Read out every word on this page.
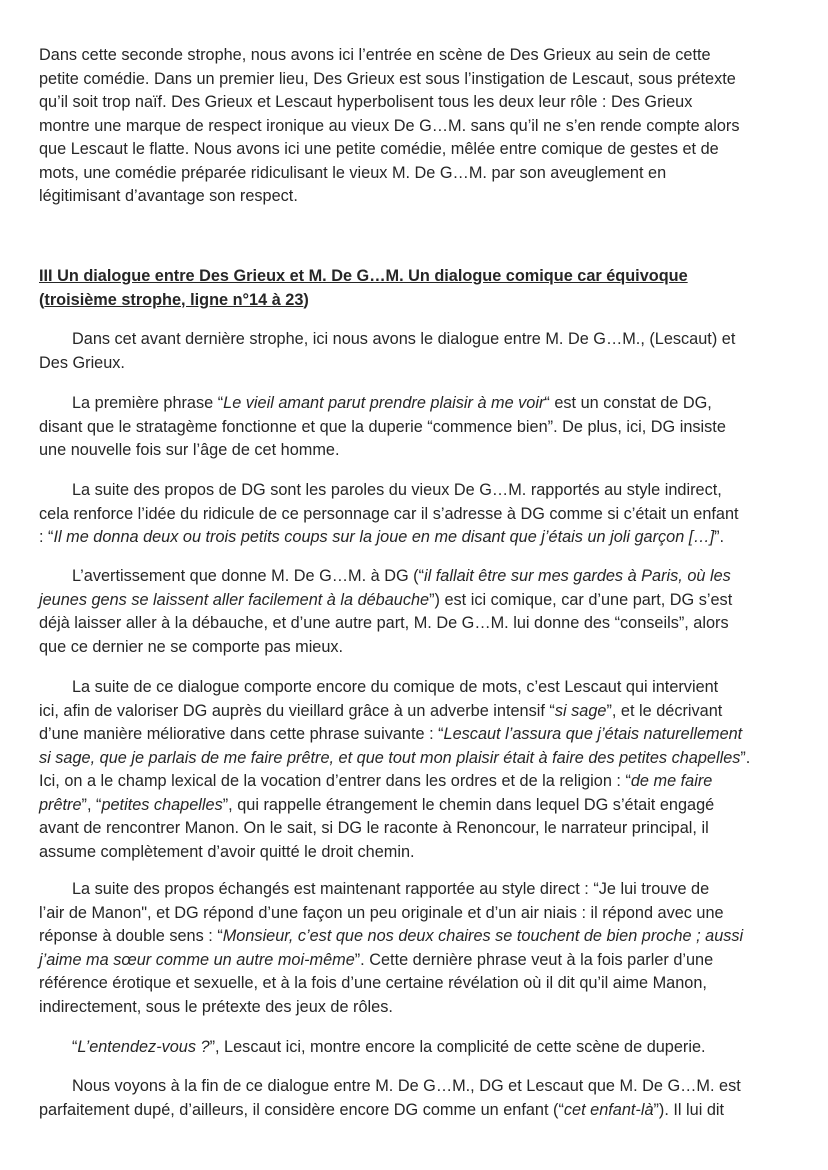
Dans cette seconde strophe, nous avons ici l’entrée en scène de Des Grieux au sein de cette
petite comédie. Dans un premier lieu, Des Grieux est sous l’instigation de Lescaut, sous prétexte
qu’il soit trop naïf. Des Grieux et Lescaut hyperbolisent tous les deux leur rôle : Des Grieux
montre une marque de respect ironique au vieux De G…M. sans qu’il ne s’en rende compte alors
que Lescaut le flatte. Nous avons ici une petite comédie, mêlée entre comique de gestes et de
mots, une comédie préparée ridiculisant le vieux M. De G…M. par son aveuglement en
légitimisant d’avantage son respect.
III Un dialogue entre Des Grieux et M. De G…M. Un dialogue comique car équivoque
(troisième strophe, ligne n°14 à 23)
Dans cet avant dernière strophe, ici nous avons le dialogue entre M. De G…M., (Lescaut) et
Des Grieux.
La première phrase “Le vieil amant parut prendre plaisir à me voir“ est un constat de DG,
disant que le stratagème fonctionne et que la duperie “commence bien”. De plus, ici, DG insiste
une nouvelle fois sur l’âge de cet homme.
La suite des propos de DG sont les paroles du vieux De G…M. rapportés au style indirect,
cela renforce l’idée du ridicule de ce personnage car il s’adresse à DG comme si c’était un enfant
: “Il me donna deux ou trois petits coups sur la joue en me disant que j’étais un joli garçon […]”.
L’avertissement que donne M. De G…M. à DG (“il fallait être sur mes gardes à Paris, où les
jeunes gens se laissent aller facilement à la débauche”) est ici comique, car d’une part, DG s’est
déjà laisser aller à la débauche, et d’une autre part, M. De G…M. lui donne des “conseils”, alors
que ce dernier ne se comporte pas mieux.
La suite de ce dialogue comporte encore du comique de mots, c’est Lescaut qui intervient
ici, afin de valoriser DG auprès du vieillard grâce à un adverbe intensif “si sage”, et le décrivant
d’une manière méliorative dans cette phrase suivante : “Lescaut l’assura que j’étais naturellement
si sage, que je parlais de me faire prêtre, et que tout mon plaisir était à faire des petites chapelles”.
Ici, on a le champ lexical de la vocation d’entrer dans les ordres et de la religion : “de me faire
prêtre”, “petites chapelles”, qui rappelle étrangement le chemin dans lequel DG s’était engagé
avant de rencontrer Manon. On le sait, si DG le raconte à Renoncour, le narrateur principal, il
assume complètement d’avoir quitté le droit chemin.
La suite des propos échangés est maintenant rapportée au style direct : “Je lui trouve de
l’air de Manon", et DG répond d’une façon un peu originale et d’un air niais : il répond avec une
réponse à double sens : “Monsieur, c’est que nos deux chaires se touchent de bien proche ; aussi
j’aime ma sœur comme un autre moi-même”. Cette dernière phrase veut à la fois parler d’une
référence érotique et sexuelle, et à la fois d’une certaine révélation où il dit qu’il aime Manon,
indirectement, sous le prétexte des jeux de rôles.
“L’entendez-vous ?”, Lescaut ici, montre encore la complicité de cette scène de duperie.
Nous voyons à la fin de ce dialogue entre M. De G…M., DG et Lescaut que M. De G…M. est
parfaitement dupé, d’ailleurs, il considère encore DG comme un enfant (“cet enfant-là”). Il lui dit
